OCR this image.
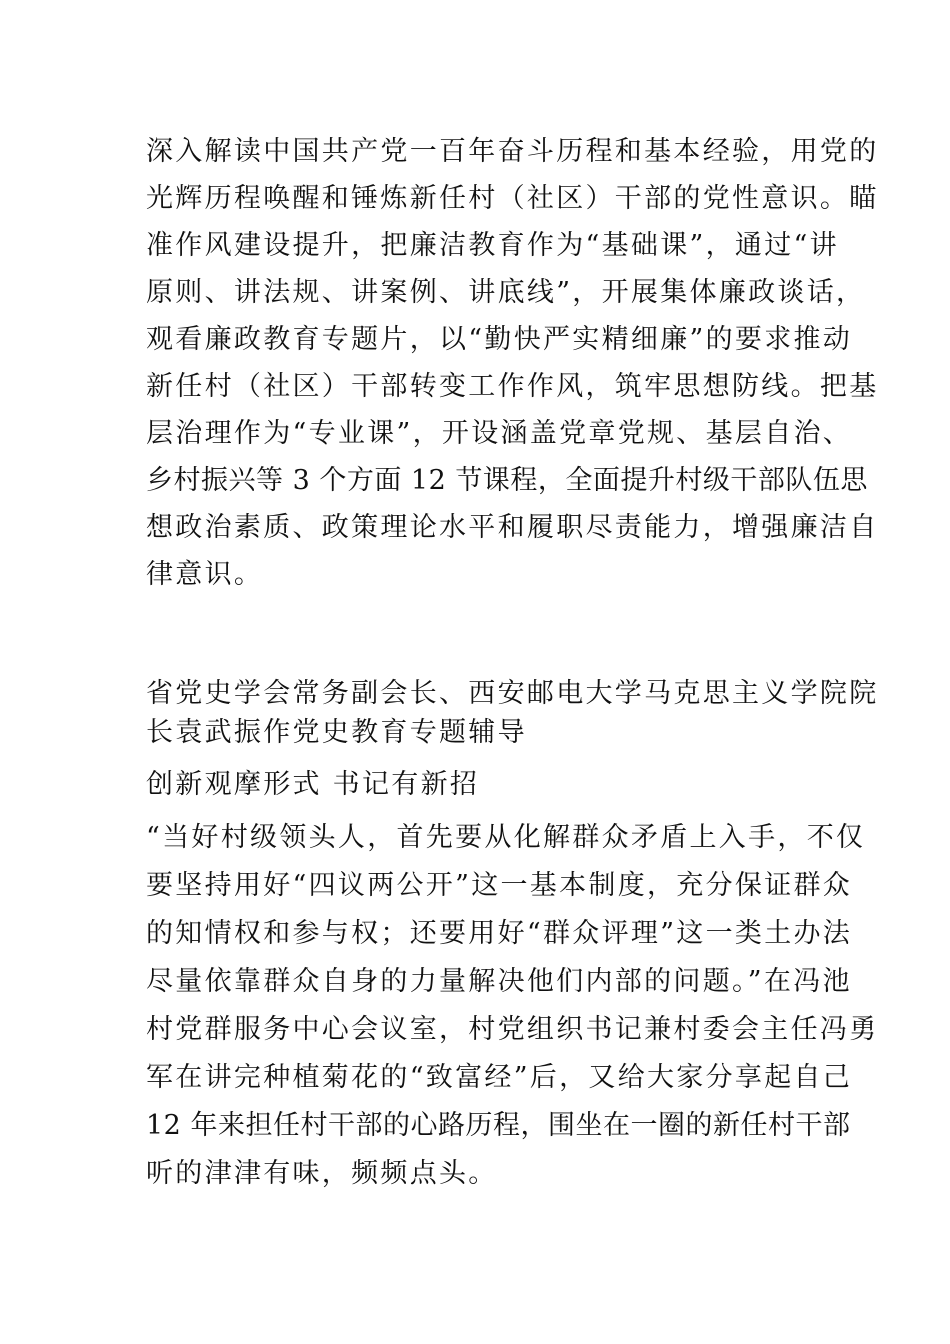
深入解读中国共产党一百年奋斗历程和基本经验，用党的
光辉历程唤醒和锤炼新任村（社区）干部的党性意识。瞄
准作风建设提升，把廉洁教育作为“基础课”，通过“讲
原则、讲法规、讲案例、讲底线”，开展集体廉政谈话，
观看廉政教育专题片，以“勤快严实精细廉”的要求推动
新任村（社区）干部转变工作作风，筑牢思想防线。把基
层治理作为“专业课”，开设涵盖党章党规、基层自治、
乡村振兴等 3 个方面 12 节课程，全面提升村级干部队伍思
想政治素质、政策理论水平和履职尽责能力，增强廉洁自
律意识。
省党史学会常务副会长、西安邮电大学马克思主义学院院
长袁武振作党史教育专题辅导
创新观摩形式 书记有新招
“当好村级领头人，首先要从化解群众矛盾上入手，不仅
要坚持用好“四议两公开”这一基本制度，充分保证群众
的知情权和参与权；还要用好“群众评理”这一类土办法
尽量依靠群众自身的力量解决他们内部的问题。”在冯池
村党群服务中心会议室，村党组织书记兼村委会主任冯勇
军在讲完种植菊花的“致富经”后，又给大家分享起自己
12 年来担任村干部的心路历程，围坐在一圈的新任村干部
听的津津有味，频频点头。
